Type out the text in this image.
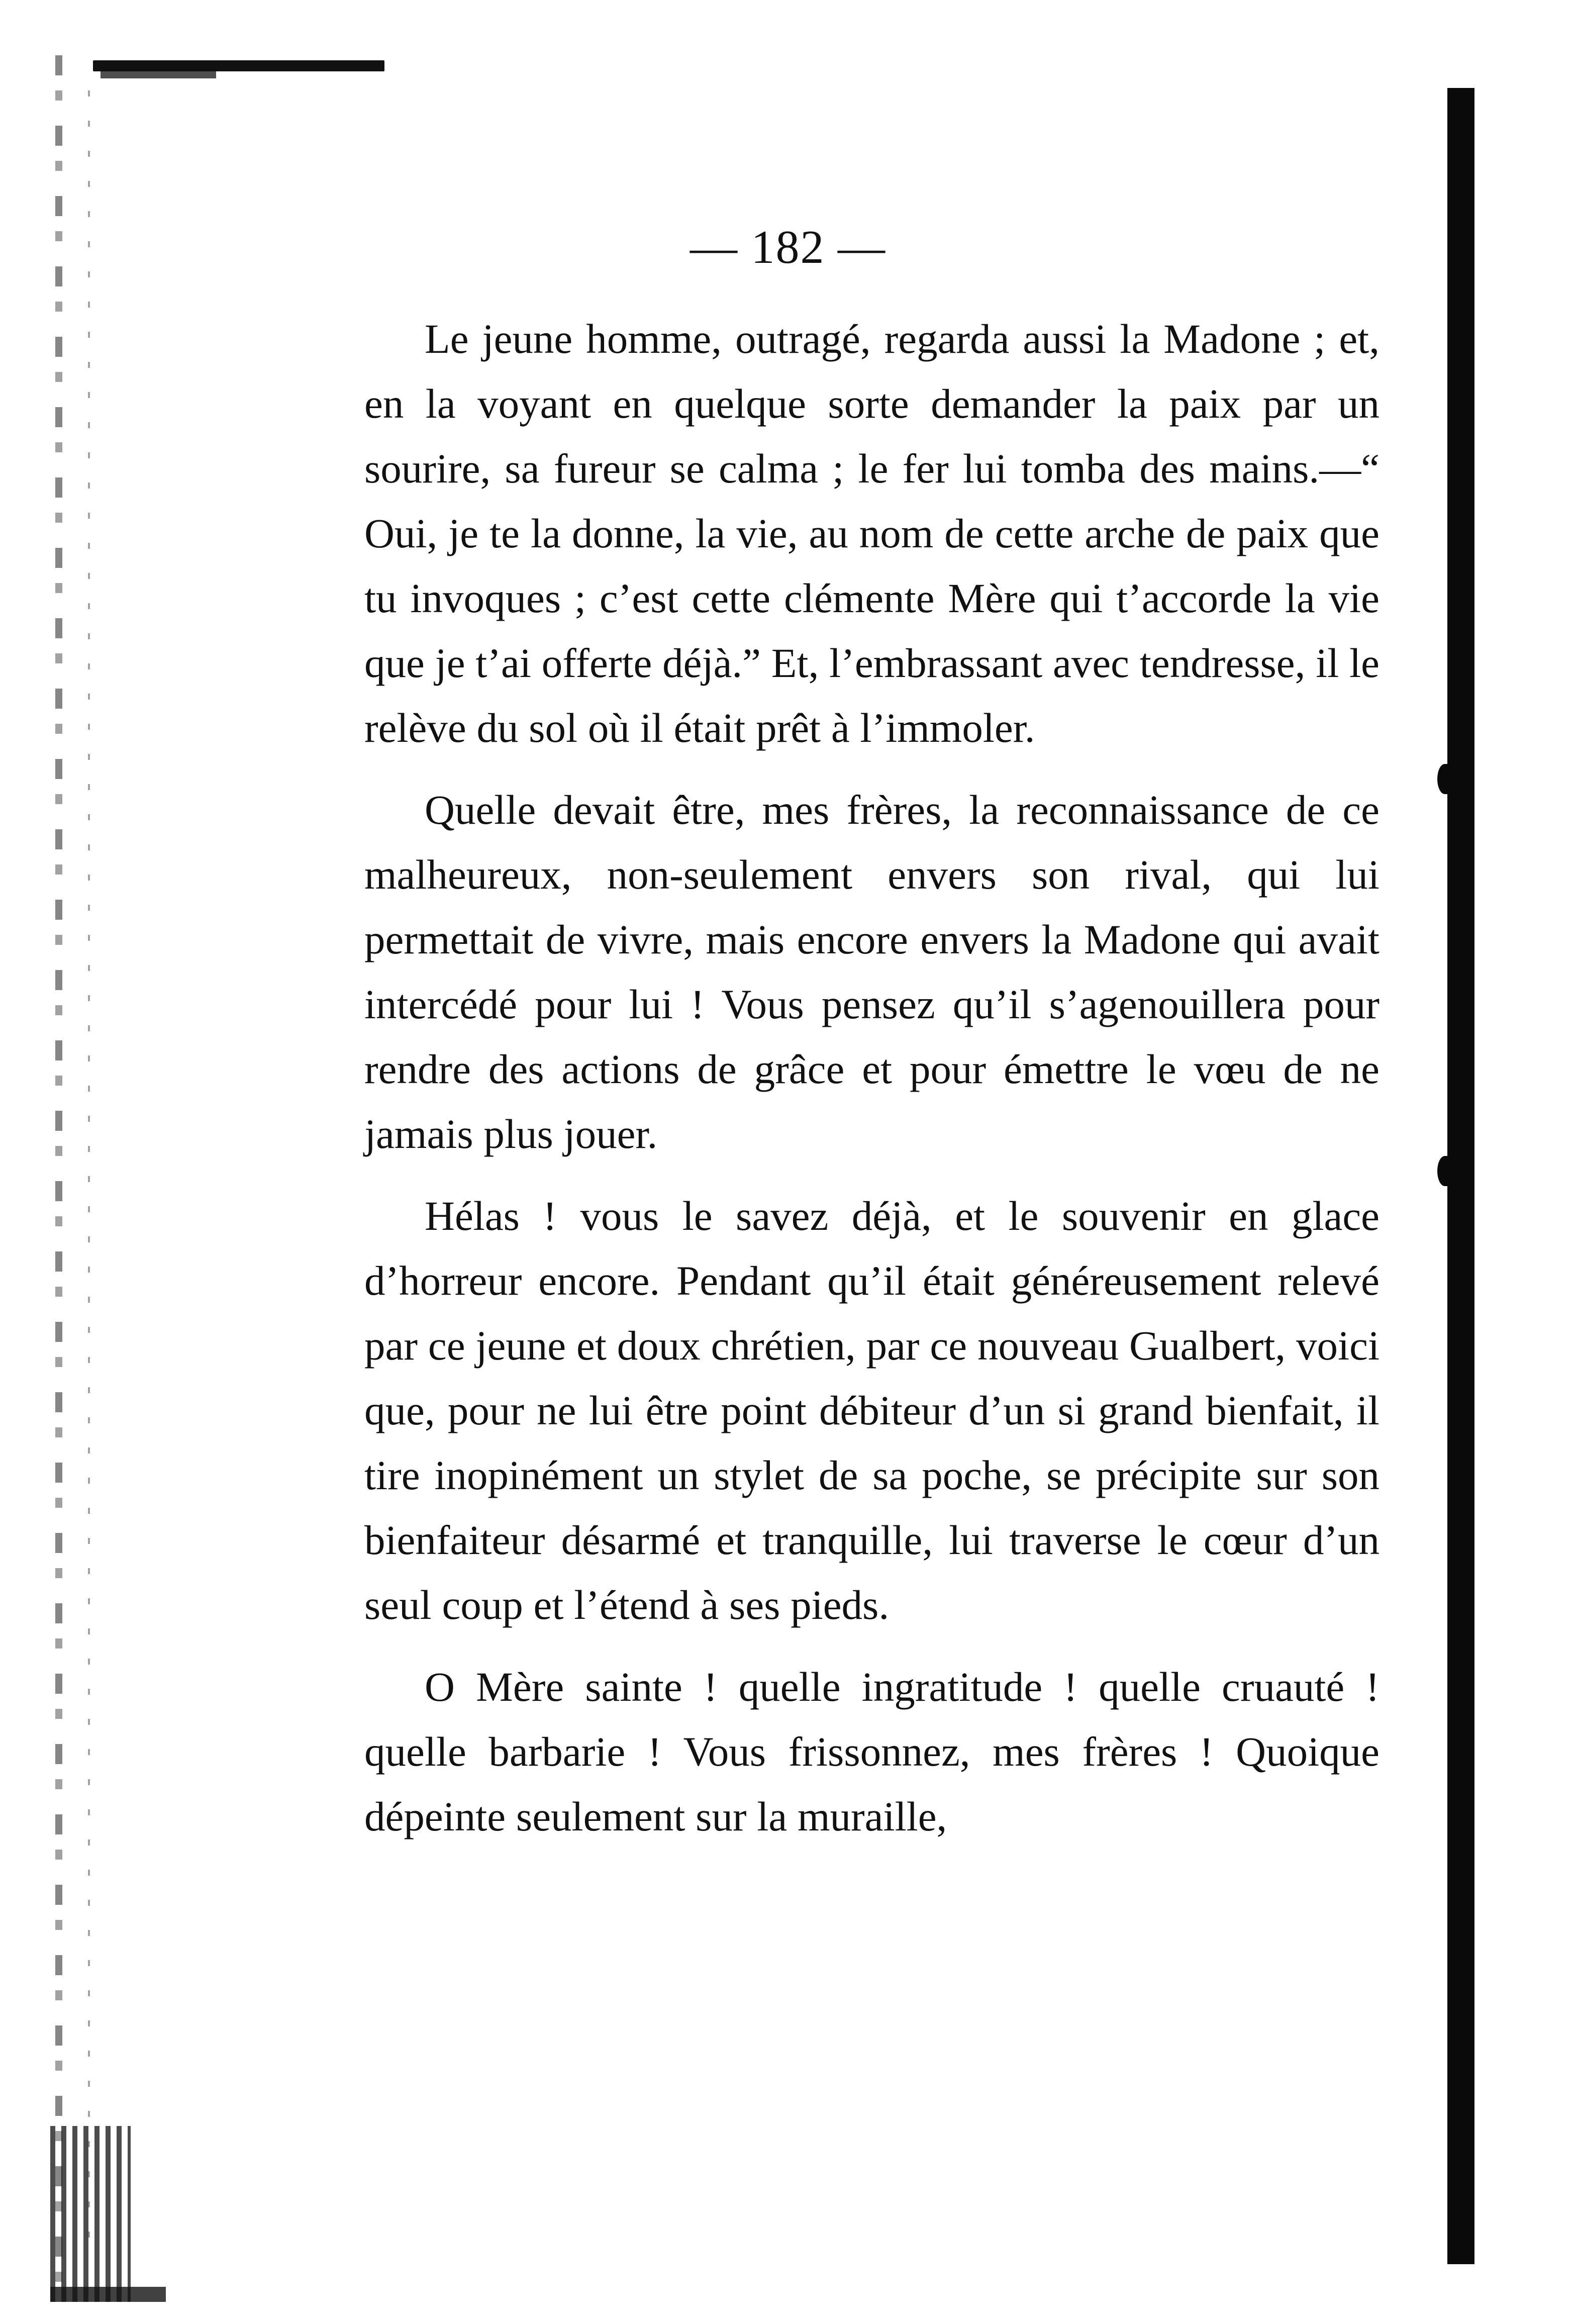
— 182 —

Le jeune homme, outragé, regarda aussi la Madone ; et, en la voyant en quelque sorte demander la paix par un sourire, sa fureur se calma ; le fer lui tomba des mains.—“ Oui, je te la donne, la vie, au nom de cette arche de paix que tu invoques ; c’est cette clémente Mère qui t’accorde la vie que je t’ai offerte déjà.” Et, l’embrassant avec tendresse, il le relève du sol où il était prêt à l’immoler.

Quelle devait être, mes frères, la reconnaissance de ce malheureux, non-seulement envers son rival, qui lui permettait de vivre, mais encore envers la Madone qui avait intercédé pour lui ! Vous pensez qu’il s’agenouillera pour rendre des actions de grâce et pour émettre le vœu de ne jamais plus jouer.

Hélas ! vous le savez déjà, et le souvenir en glace d’horreur encore. Pendant qu’il était généreusement relevé par ce jeune et doux chrétien, par ce nouveau Gualbert, voici que, pour ne lui être point débiteur d’un si grand bienfait, il tire inopinément un stylet de sa poche, se précipite sur son bienfaiteur désarmé et tranquille, lui traverse le cœur d’un seul coup et l’étend à ses pieds.

O Mère sainte ! quelle ingratitude ! quelle cruauté ! quelle barbarie ! Vous frissonnez, mes frères ! Quoique dépeinte seulement sur la muraille,
